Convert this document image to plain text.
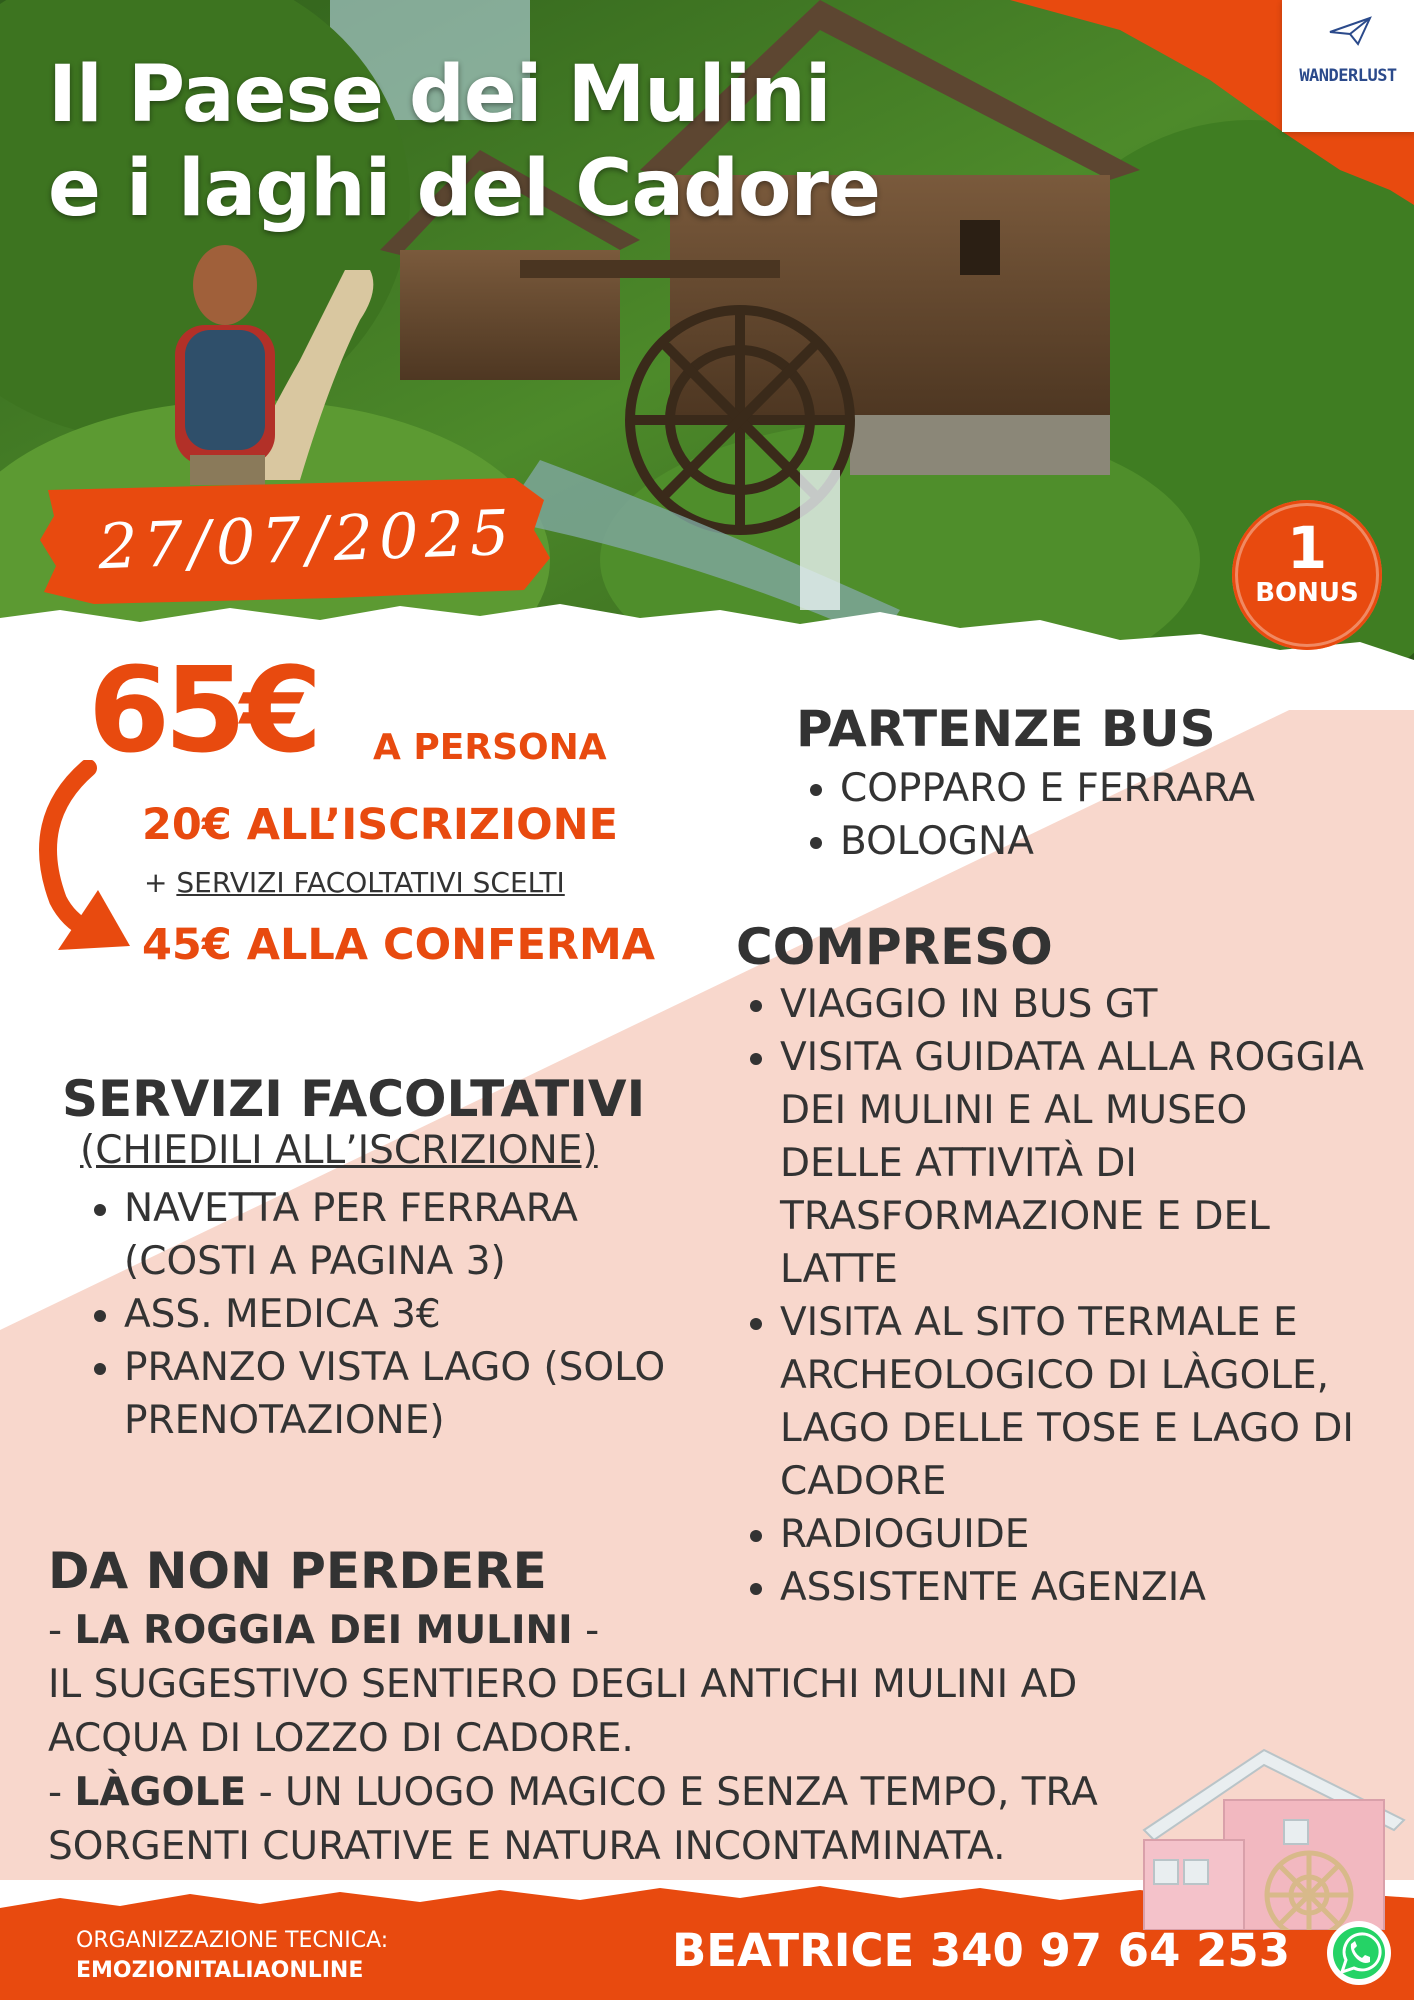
Il Paese dei Mulini
e i laghi del Cadore
WANDERLUST
27/07/2025	1
BONUS
65€ A PERSONA
20€ ALL’ISCRIZIONE
+ SERVIZI FACOLTATIVI SCELTI
45€ ALLA CONFERMA
PARTENZE BUS
• COPPARO E FERRARA
• BOLOGNA
COMPRESO
• VIAGGIO IN BUS GT
• VISITA GUIDATA ALLA ROGGIA DEI MULINI E AL MUSEO DELLE ATTIVITÀ DI TRASFORMAZIONE E DEL LATTE
• VISITA AL SITO TERMALE E ARCHEOLOGICO DI LÀGOLE, LAGO DELLE TOSE E LAGO DI CADORE
• RADIOGUIDE
• ASSISTENTE AGENZIA
SERVIZI FACOLTATIVI
(CHIEDILI ALL’ISCRIZIONE)
• NAVETTA PER FERRARA (COSTI A PAGINA 3)
• ASS. MEDICA 3€
• PRANZO VISTA LAGO (SOLO PRENOTAZIONE)
DA NON PERDERE
- LA ROGGIA DEI MULINI -
IL SUGGESTIVO SENTIERO DEGLI ANTICHI MULINI AD ACQUA DI LOZZO DI CADORE.
- LÀGOLE - UN LUOGO MAGICO E SENZA TEMPO, TRA SORGENTI CURATIVE E NATURA INCONTAMINATA.
ORGANIZZAZIONE TECNICA:
EMOZIONITALIAONLINE	BEATRICE 340 97 64 253
